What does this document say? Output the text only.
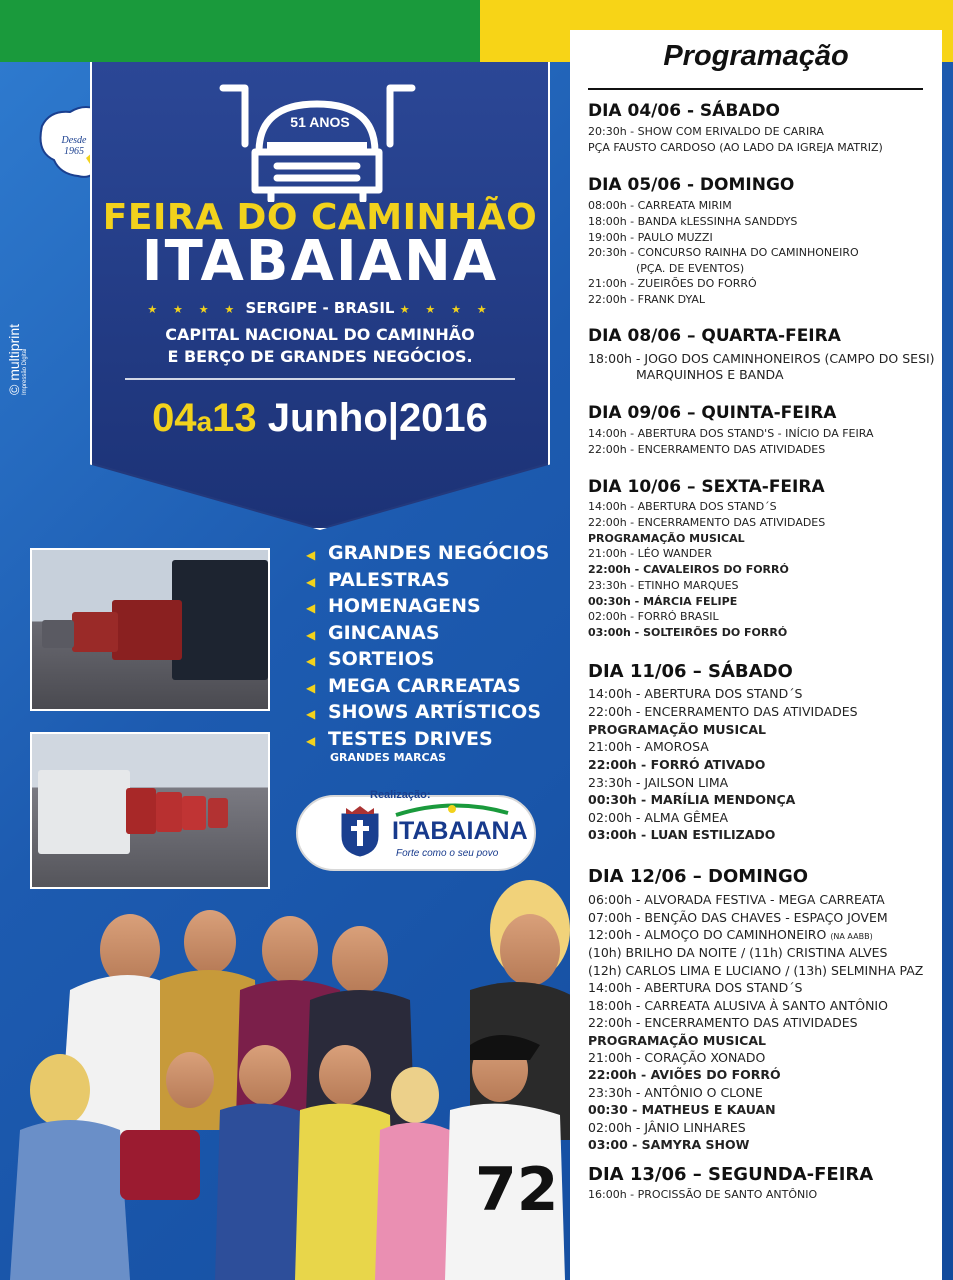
© multiprint Impressão Digital
Desde
1965
51 ANOS
FEIRA DO CAMINHÃO
ITABAIANA
★ ★ ★ ★ SERGIPE - BRASIL ★ ★ ★ ★
CAPITAL NACIONAL DO CAMINHÃO
E BERÇO DE GRANDES NEGÓCIOS.
04a13 Junho|2016
◀ GRANDES NEGÓCIOS
◀ PALESTRAS
◀ HOMENAGENS
◀ GINCANAS
◀ SORTEIOS
◀ MEGA CARREATAS
◀ SHOWS ARTÍSTICOS
◀ TESTES DRIVES
GRANDES MARCAS
Realização:
ITABAIANA
Forte como o seu povo
72
Programação
DIA 04/06 - SÁBADO
20:30h - SHOW COM ERIVALDO DE CARIRA
PÇA FAUSTO CARDOSO (AO LADO DA IGREJA MATRIZ)
DIA 05/06 - DOMINGO
08:00h - CARREATA MIRIM
18:00h - BANDA kLESSINHA SANDDYS
19:00h - PAULO MUZZI
20:30h - CONCURSO RAINHA DO CAMINHONEIRO
(PÇA. DE EVENTOS)
21:00h - ZUEIRÕES DO FORRÓ
22:00h - FRANK DYAL
DIA 08/06 – QUARTA-FEIRA
18:00h - JOGO DOS CAMINHONEIROS (CAMPO DO SESI)
MARQUINHOS E BANDA
DIA 09/06 – QUINTA-FEIRA
14:00h - ABERTURA DOS STAND'S - INÍCIO DA FEIRA
22:00h - ENCERRAMENTO DAS ATIVIDADES
DIA 10/06 – SEXTA-FEIRA
14:00h - ABERTURA DOS STAND´S
22:00h - ENCERRAMENTO DAS ATIVIDADES
PROGRAMAÇÃO MUSICAL
21:00h - LÉO WANDER
22:00h - CAVALEIROS DO FORRÓ
23:30h - ETINHO MARQUES
00:30h - MÁRCIA FELIPE
02:00h - FORRÓ BRASIL
03:00h - SOLTEIRÕES DO FORRÓ
DIA 11/06 – SÁBADO
14:00h - ABERTURA DOS STAND´S
22:00h - ENCERRAMENTO DAS ATIVIDADES
PROGRAMAÇÃO MUSICAL
21:00h - AMOROSA
22:00h - FORRÓ ATIVADO
23:30h - JAILSON LIMA
00:30h - MARÍLIA MENDONÇA
02:00h - ALMA GÊMEA
03:00h - LUAN ESTILIZADO
DIA 12/06 – DOMINGO
06:00h - ALVORADA FESTIVA - MEGA CARREATA
07:00h - BENÇÃO DAS CHAVES - ESPAÇO JOVEM
12:00h - ALMOÇO DO CAMINHONEIRO (NA AABB)
(10h) BRILHO DA NOITE / (11h) CRISTINA ALVES
(12h) CARLOS LIMA E LUCIANO / (13h) SELMINHA PAZ
14:00h - ABERTURA DOS STAND´S
18:00h - CARREATA ALUSIVA À SANTO ANTÔNIO
22:00h - ENCERRAMENTO DAS ATIVIDADES
PROGRAMAÇÃO MUSICAL
21:00h - CORAÇÃO XONADO
22:00h - AVIÕES DO FORRÓ
23:30h - ANTÔNIO O CLONE
00:30 - MATHEUS E KAUAN
02:00h - JÂNIO LINHARES
03:00 - SAMYRA SHOW
DIA 13/06 – SEGUNDA-FEIRA
16:00h - PROCISSÃO DE SANTO ANTÔNIO
